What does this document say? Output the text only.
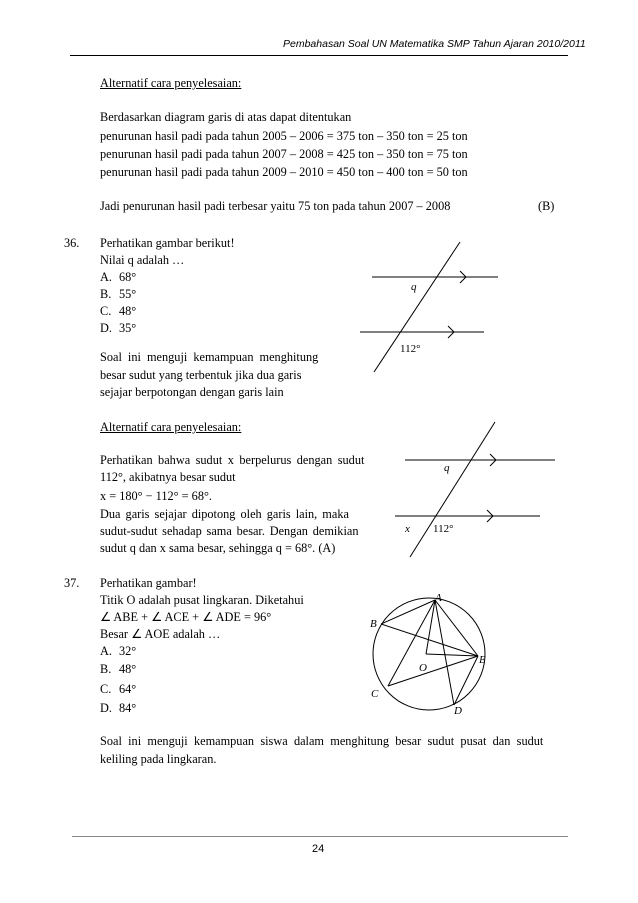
Pembahasan Soal UN Matematika SMP Tahun Ajaran 2010/2011
Alternatif cara penyelesaian:
Berdasarkan diagram garis di atas dapat ditentukan
penurunan hasil padi pada tahun 2005 – 2006 = 375 ton – 350 ton = 25 ton
penurunan hasil padi pada tahun 2007 – 2008 = 425 ton – 350 ton = 75 ton
penurunan hasil padi pada tahun 2009 – 2010 = 450 ton – 400 ton = 50 ton
Jadi penurunan hasil padi terbesar yaitu 75 ton pada tahun 2007 – 2008	(B)
36. Perhatikan gambar berikut!
Nilai q adalah …
A. 68°
B. 55°
C. 48°
D. 35°
Soal ini menguji kemampuan menghitung
besar sudut yang terbentuk jika dua garis
sejajar berpotongan dengan garis lain
q
112°
Alternatif cara penyelesaian:
Perhatikan bahwa sudut x berpelurus dengan sudut
112°, akibatnya besar sudut
x = 180° − 112° = 68°.
Dua garis sejajar dipotong oleh garis lain, maka
sudut-sudut sehadap sama besar. Dengan demikian
sudut q dan x sama besar, sehingga q = 68°. (A)
q
x 112°
37. Perhatikan gambar!
Titik O adalah pusat lingkaran. Diketahui
∠ ABE + ∠ ACE + ∠ ADE = 96°
Besar ∠ AOE adalah …
A. 32°
B. 48°
C. 64°
D. 84°
A
B
C
D
E
O
Soal ini menguji kemampuan siswa dalam menghitung besar sudut pusat dan sudut
keliling pada lingkaran.
24
